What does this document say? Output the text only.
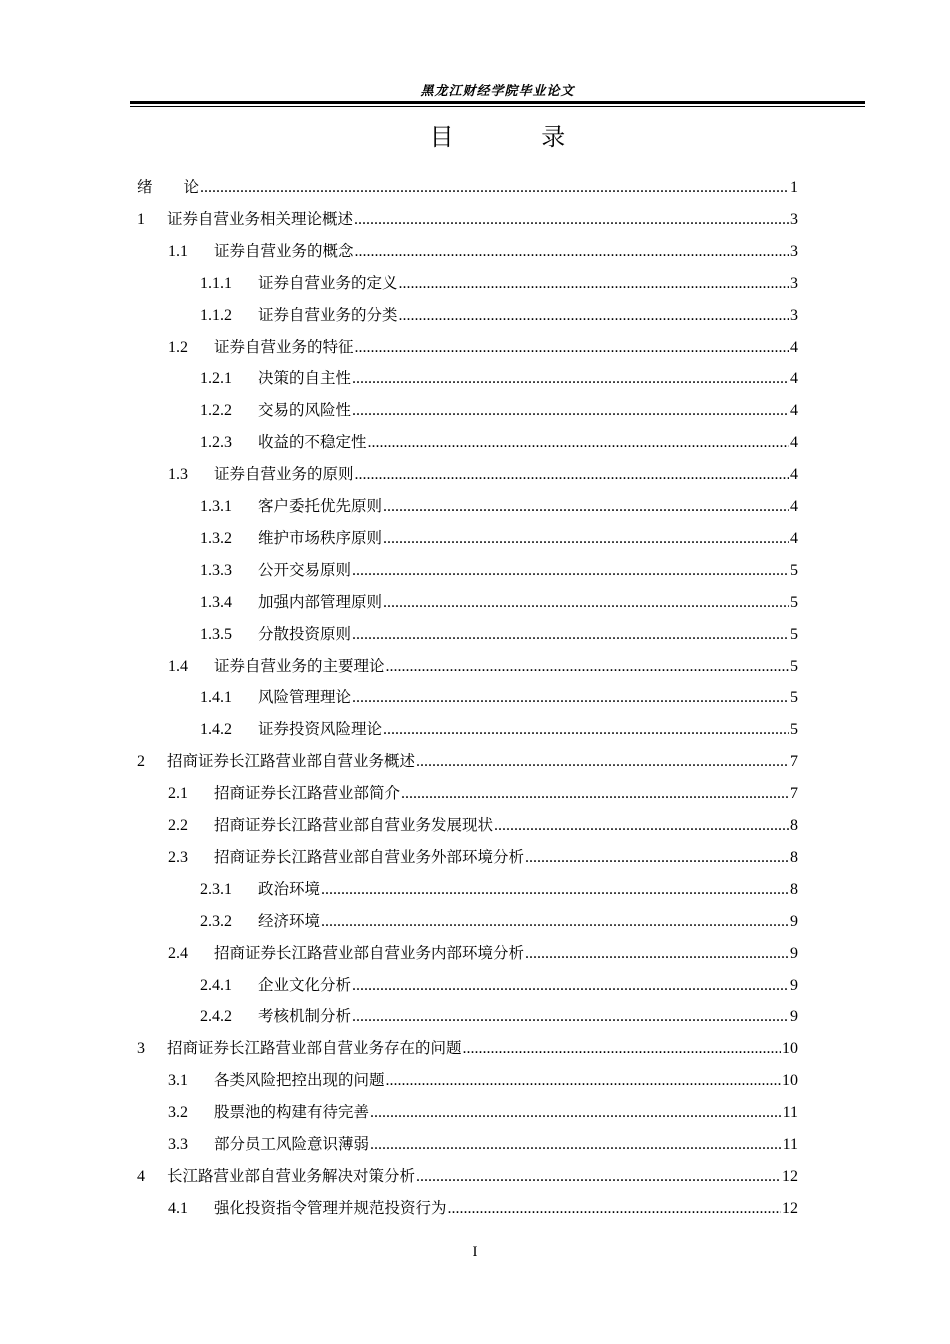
黑龙江财经学院毕业论文
目 录
绪　　论 .....	1
1	证券自营业务相关理论概述 .....	3
1.1	证券自营业务的概念 .....	3
1.1.1	证券自营业务的定义 .....	3
1.1.2	证券自营业务的分类 .....	3
1.2	证券自营业务的特征 .....	4
1.2.1	决策的自主性 .....	4
1.2.2	交易的风险性 .....	4
1.2.3	收益的不稳定性 .....	4
1.3	证券自营业务的原则 .....	4
1.3.1	客户委托优先原则 .....	4
1.3.2	维护市场秩序原则 .....	4
1.3.3	公开交易原则 .....	5
1.3.4	加强内部管理原则 .....	5
1.3.5	分散投资原则 .....	5
1.4	证券自营业务的主要理论 .....	5
1.4.1	风险管理理论 .....	5
1.4.2	证券投资风险理论 .....	5
2	招商证券长江路营业部自营业务概述 .....	7
2.1	招商证券长江路营业部简介 .....	7
2.2	招商证券长江路营业部自营业务发展现状 .....	8
2.3	招商证券长江路营业部自营业务外部环境分析 .....	8
2.3.1	政治环境 .....	8
2.3.2	经济环境 .....	9
2.4	招商证券长江路营业部自营业务内部环境分析 .....	9
2.4.1	企业文化分析 .....	9
2.4.2	考核机制分析 .....	9
3	招商证券长江路营业部自营业务存在的问题 .....	10
3.1	各类风险把控出现的问题 .....	10
3.2	股票池的构建有待完善 .....	11
3.3	部分员工风险意识薄弱 .....	11
4	长江路营业部自营业务解决对策分析 .....	12
4.1	强化投资指令管理并规范投资行为 .....	12
I
